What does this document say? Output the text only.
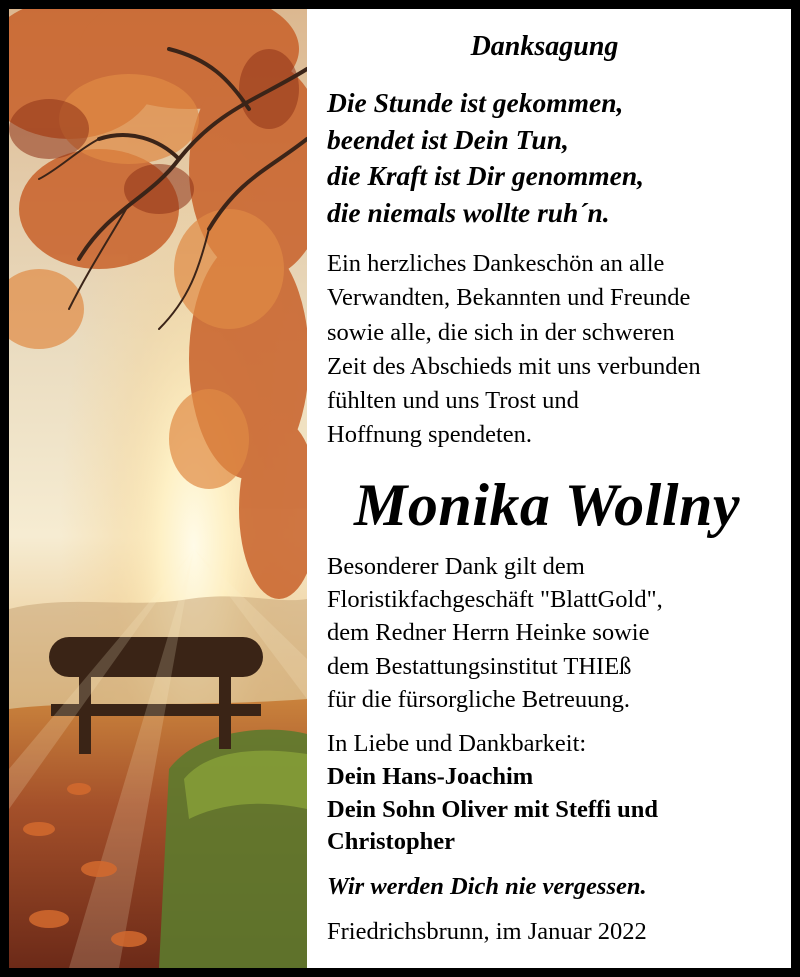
Danksagung
Die Stunde ist gekommen,
beendet ist Dein Tun,
die Kraft ist Dir genommen,
die niemals wollte ruh´n.
Ein herzliches Dankeschön an alle
Verwandten, Bekannten und Freunde
sowie alle, die sich in der schweren
Zeit des Abschieds mit uns verbunden
fühlten und uns Trost und
Hoffnung spendeten.
Monika Wollny
Besonderer Dank gilt dem
Floristikfachgeschäft "BlattGold",
dem Redner Herrn Heinke sowie
dem Bestattungsinstitut THIEß
für die fürsorgliche Betreuung.
In Liebe und Dankbarkeit:
Dein Hans-Joachim
Dein Sohn Oliver mit Steffi und
Christopher
Wir werden Dich nie vergessen.
Friedrichsbrunn, im Januar 2022
